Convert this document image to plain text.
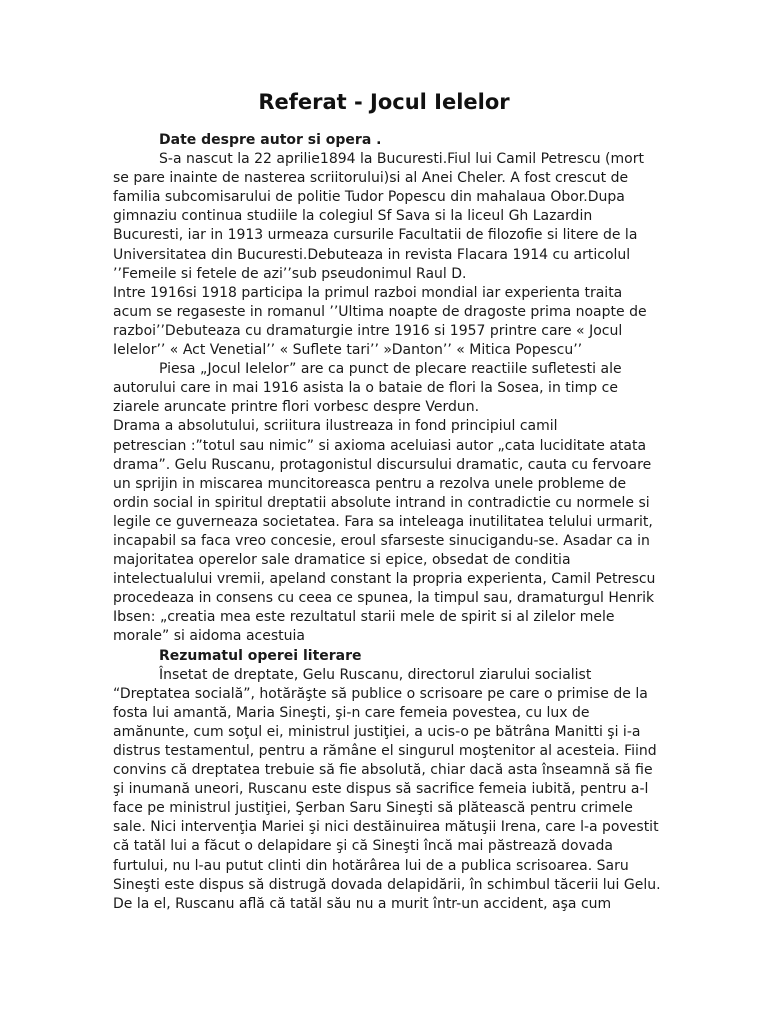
Referat - Jocul Ielelor
Date despre autor si opera .
S-a nascut la 22 aprilie1894 la Bucuresti.Fiul lui Camil Petrescu (mort
se pare inainte de nasterea scriitorului)si al Anei Cheler. A fost crescut de
familia subcomisarului de politie Tudor Popescu din mahalaua Obor.Dupa
gimnaziu continua studiile la colegiul Sf Sava si la liceul Gh Lazardin
Bucuresti, iar in 1913 urmeaza cursurile Facultatii de filozofie si litere de la
Universitatea din Bucuresti.Debuteaza in revista Flacara 1914 cu articolul
’’Femeile si fetele de azi’’sub pseudonimul Raul D.
Intre 1916si 1918 participa la primul razboi mondial iar experienta traita
acum se regaseste in romanul ’’Ultima noapte de dragoste prima noapte de
razboi’’Debuteaza cu dramaturgie intre 1916 si 1957 printre care « Jocul
Ielelor’’ « Act Venetial’’ « Suflete tari’’ »Danton’’ « Mitica Popescu’’
Piesa „Jocul Ielelor” are ca punct de plecare reactiile sufletesti ale
autorului care in mai 1916 asista la o bataie de flori la Sosea, in timp ce
ziarele aruncate printre flori vorbesc despre Verdun.
Drama a absolutului, scriitura ilustreaza in fond principiul camil
petrescian :”totul sau nimic” si axioma aceluiasi autor „cata luciditate atata
drama”. Gelu Ruscanu, protagonistul discursului dramatic, cauta cu fervoare
un sprijin in miscarea muncitoreasca pentru a rezolva unele probleme de
ordin social in spiritul dreptatii absolute intrand in contradictie cu normele si
legile ce guverneaza societatea. Fara sa inteleaga inutilitatea telului urmarit,
incapabil sa faca vreo concesie, eroul sfarseste sinucigandu-se. Asadar ca in
majoritatea operelor sale dramatice si epice, obsedat de conditia
intelectualului vremii, apeland constant la propria experienta, Camil Petrescu
procedeaza in consens cu ceea ce spunea, la timpul sau, dramaturgul Henrik
Ibsen: „creatia mea este rezultatul starii mele de spirit si al zilelor mele
morale” si aidoma acestuia
Rezumatul operei literare
Însetat de dreptate, Gelu Ruscanu, directorul ziarului socialist
“Dreptatea socială”, hotărăşte să publice o scrisoare pe care o primise de la
fosta lui amantă, Maria Sineşti, şi-n care femeia povestea, cu lux de
amănunte, cum soţul ei, ministrul justiţiei, a ucis-o pe bătrâna Manitti şi i-a
distrus testamentul, pentru a rămâne el singurul moştenitor al acesteia. Fiind
convins că dreptatea trebuie să fie absolută, chiar dacă asta înseamnă să fie
şi inumană uneori, Ruscanu este dispus să sacrifice femeia iubită, pentru a-l
face pe ministrul justiţiei, Şerban Saru Sineşti să plătească pentru crimele
sale. Nici intervenţia Mariei şi nici destăinuirea mătuşii Irena, care l-a povestit
că tatăl lui a făcut o delapidare şi că Sineşti încă mai păstrează dovada
furtului, nu l-au putut clinti din hotărârea lui de a publica scrisoarea. Saru
Sineşti este dispus să distrugă dovada delapidării, în schimbul tăcerii lui Gelu.
De la el, Ruscanu află că tatăl său nu a murit într-un accident, aşa cum
